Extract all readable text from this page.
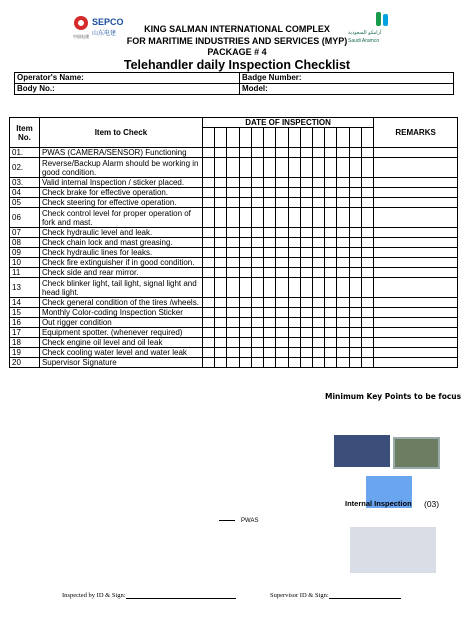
SEPCO
山东电建
中国电建
أرامكو السعودية
Saudi Aramco
KING SALMAN INTERNATIONAL COMPLEX
FOR MARITIME INDUSTRIES AND SERVICES (MYP)
PACKAGE # 4
Telehandler daily Inspection Checklist
Operator's Name:	Badge Number:
Body No.:	Model:
Item No.	Item to Check	DATE OF INSPECTION														REMARKS

01.	PWAS (CAMERA/SENSOR) Functioning															
02.	Reverse/Backup Alarm should be working in good condition.															
03.	Valid internal Inspection / sticker placed.															
04	Check brake for effective operation.															
05	Check steering for effective operation.															
06	Check control level for proper operation of fork and mast.															
07	Check hydraulic level and leak.															
08	Check chain lock and mast greasing.															
09	Check hydraulic lines for leaks.															
10	Check fire extinguisher if in good condition.															
11	Check side and rear mirror.															
13	Check blinker light, tail light, signal light and head light.															
14	Check general condition of the tires /wheels.															
15	Monthly Color-coding Inspection Sticker															
16	Out rigger condition															
17	Equipment spotter. (whenever required)															
18	Check engine oil level and oil leak															
19	Check cooling water level and water leak															
20	Supervisor Signature															
Minimum Key Points to be focus
Internal Inspection (03)
PWAS
Inspected by ID & Sign:	Supervisor ID & Sign:
